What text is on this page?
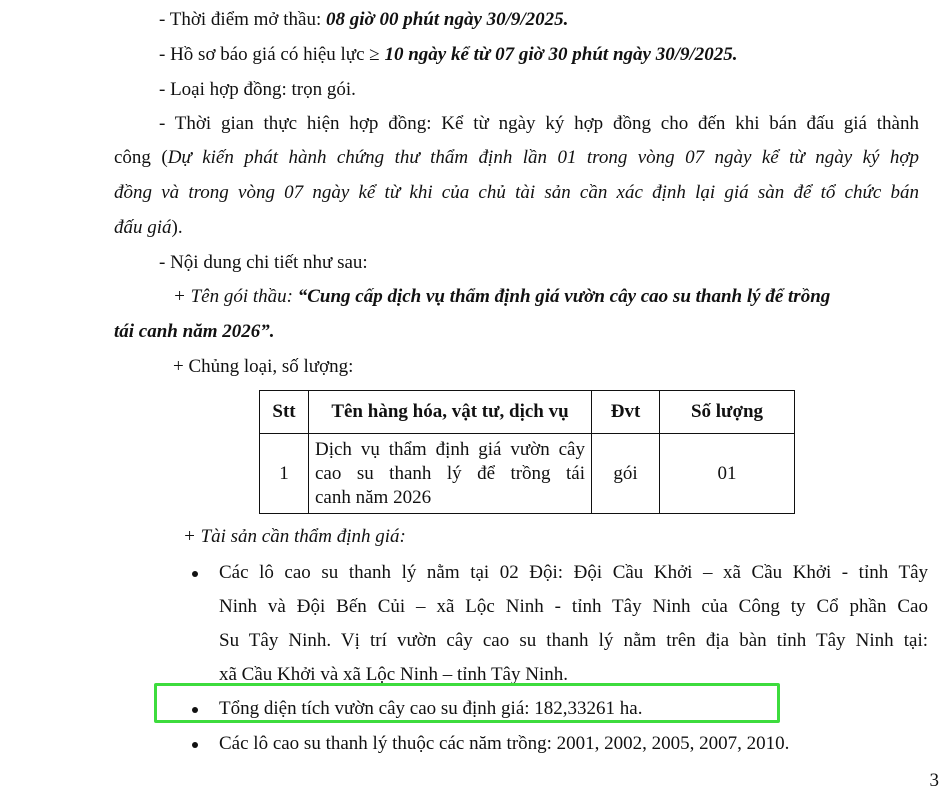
- Thời điểm mở thầu: 08 giờ 00 phút ngày 30/9/2025.
- Hồ sơ báo giá có hiệu lực ≥ 10 ngày kể từ 07 giờ 30 phút ngày 30/9/2025.
- Loại hợp đồng: trọn gói.
- Thời gian thực hiện hợp đồng: Kể từ ngày ký hợp đồng cho đến khi bán đấu giá thành
công (Dự kiến phát hành chứng thư thẩm định lần 01 trong vòng 07 ngày kể từ ngày ký hợp
đồng và trong vòng 07 ngày kể từ khi của chủ tài sản cần xác định lại giá sàn để tổ chức bán
đấu giá).
- Nội dung chi tiết như sau:
+ Tên gói thầu: “Cung cấp dịch vụ thẩm định giá vườn cây cao su thanh lý để trồng
tái canh năm 2026”.
+ Chủng loại, số lượng:
Stt	Tên hàng hóa, vật tư, dịch vụ	Đvt	Số lượng
1	Dịch vụ thẩm định giá vườn cây
cao su thanh lý để trồng tái
canh năm 2026	gói	01
+ Tài sản cần thẩm định giá:
Các lô cao su thanh lý nằm tại 02 Đội: Đội Cầu Khởi – xã Cầu Khởi - tỉnh Tây
Ninh và Đội Bến Củi – xã Lộc Ninh - tỉnh Tây Ninh của Công ty Cổ phần Cao
Su Tây Ninh. Vị trí vườn cây cao su thanh lý nằm trên địa bàn tỉnh Tây Ninh tại:
xã Cầu Khởi và xã Lộc Ninh – tỉnh Tây Ninh.
Tổng diện tích vườn cây cao su định giá: 182,33261 ha.
Các lô cao su thanh lý thuộc các năm trồng: 2001, 2002, 2005, 2007, 2010.
3
